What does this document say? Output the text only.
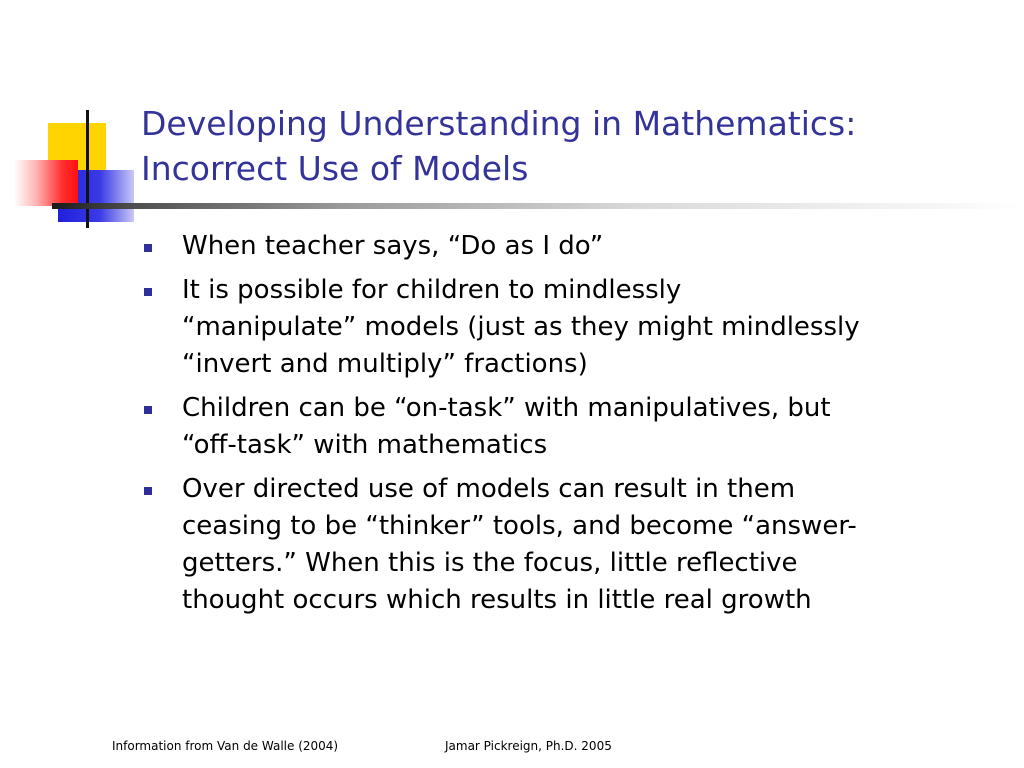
Developing Understanding in Mathematics:
Incorrect Use of Models
When teacher says, “Do as I do”
It is possible for children to mindlessly
“manipulate” models (just as they might mindlessly
“invert and multiply” fractions)
Children can be “on-task” with manipulatives, but
“off-task” with mathematics
Over directed use of models can result in them
ceasing to be “thinker” tools, and become “answer-
getters.” When this is the focus, little reflective
thought occurs which results in little real growth
Information from Van de Walle (2004)	Jamar Pickreign, Ph.D. 2005
